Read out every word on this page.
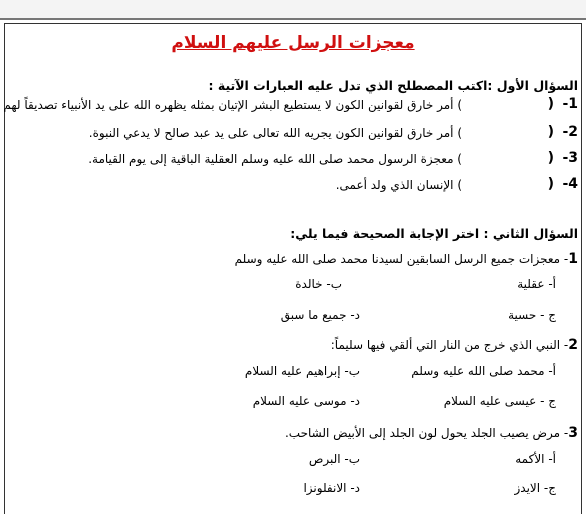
معجزات الرسل عليهم السلام
السؤال الأول :اكتب المصطلح الذي تدل عليه العبارات الآتية :
1-
(
) أمر خارق لقوانين الكون لا يستطيع البشر الإتيان بمثله يظهره الله على يد الأنبياء تصديقاً لهم
2-
(
) أمر خارق لقوانين الكون يجريه الله تعالى على يد عبد صالح لا يدعي النبوة.
3-
(
) معجزة الرسول محمد صلى الله عليه وسلم العقلية الباقية إلى يوم القيامة.
4-
(
) الإنسان الذي ولد أعمى.
السؤال الثاني : اختر الإجابة الصحيحة فيما يلي:
1- معجزات جميع الرسل السابقين لسيدنا محمد صلى الله عليه وسلم
أ- عقلية
ب- خالدة
ج - حسية
د- جميع ما سبق
2- النبي الذي خرج من النار التي ألقي فيها سليماً:
أ- محمد صلى الله عليه وسلم
ب- إبراهيم عليه السلام
ج - عيسى عليه السلام
د- موسى عليه السلام
3- مرض يصيب الجلد يحول لون الجلد إلى الأبيض الشاحب.
أ- الأكمه
ب- البرص
ج- الايدز
د- الانفلونزا
